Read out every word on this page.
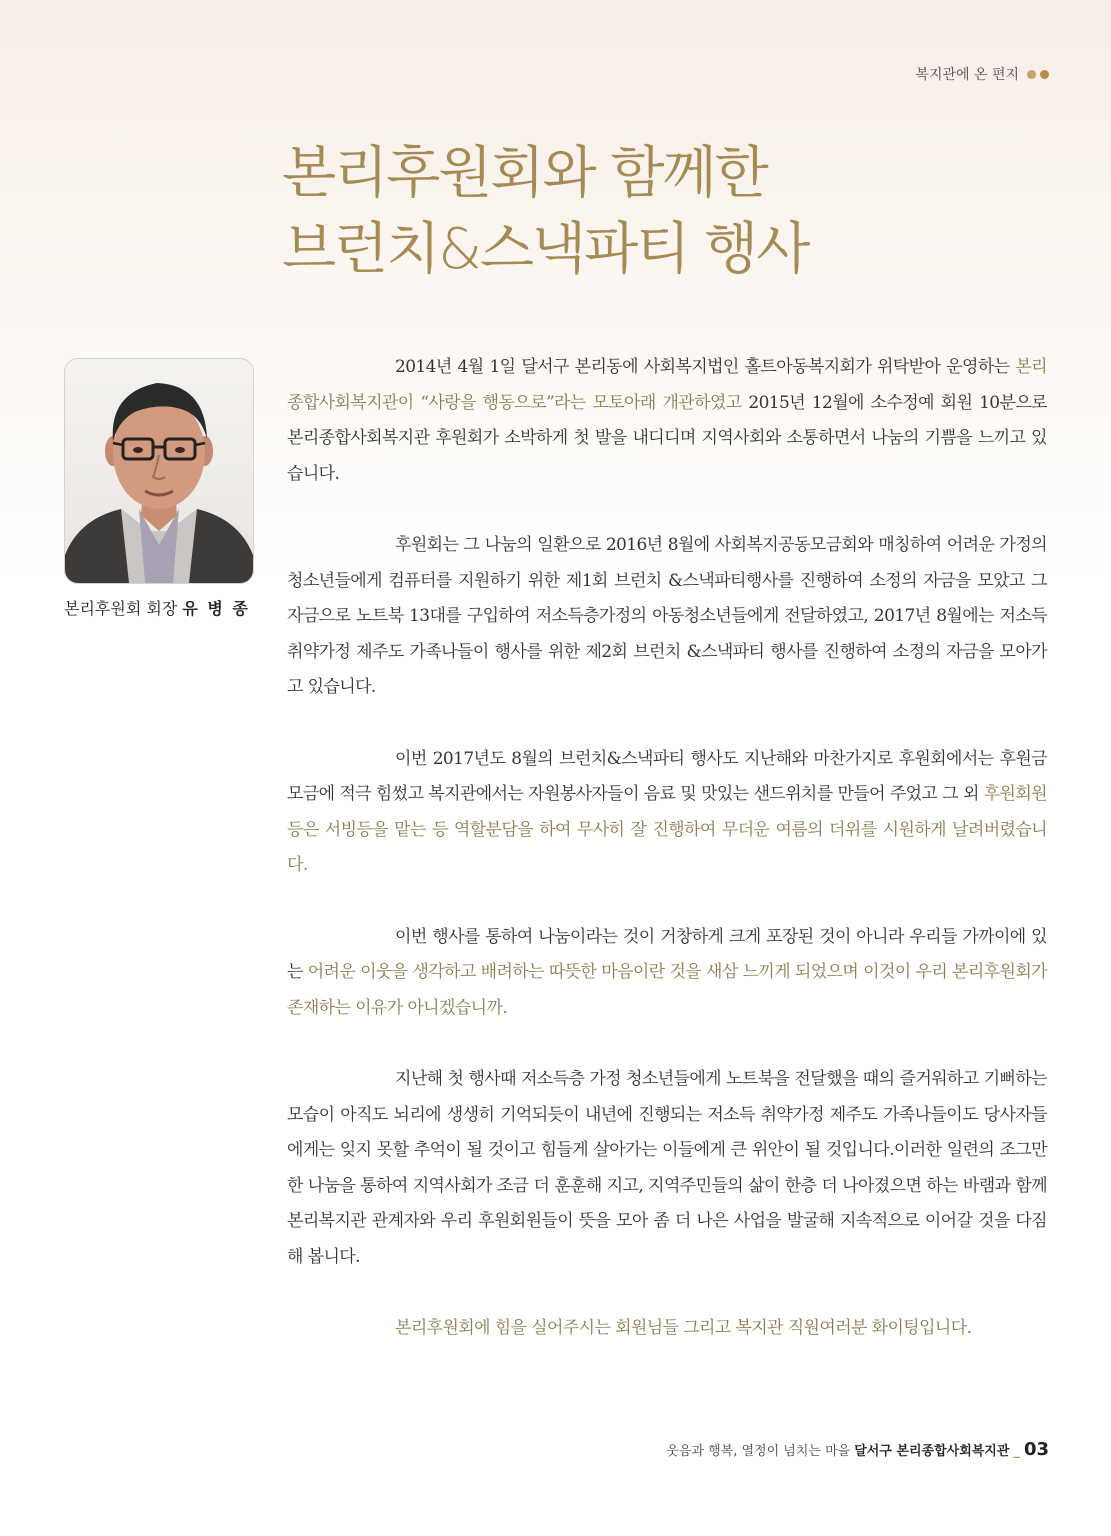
복지관에 온 편지
본리후원회와 함께한
브런치&스낵파티 행사
본리후원회 회장 유 병 종

2014년 4월 1일 달서구 본리동에 사회복지법인 홀트아동복지회가 위탁받아 운영하는 본리종합사회복지관이 “사랑을 행동으로”라는 모토아래 개관하였고 2015년 12월에 소수정예 회원 10분으로 본리종합사회복지관 후원회가 소박하게 첫 발을 내디디며 지역사회와 소통하면서 나눔의 기쁨을 느끼고 있습니다.

후원회는 그 나눔의 일환으로 2016년 8월에 사회복지공동모금회와 매칭하여 어려운 가정의 청소년들에게 컴퓨터를 지원하기 위한 제1회 브런치 &스낵파티행사를 진행하여 소정의 자금을 모았고 그 자금으로 노트북 13대를 구입하여 저소득층가정의 아동청소년들에게 전달하였고, 2017년 8월에는 저소득취약가정 제주도 가족나들이 행사를 위한 제2회 브런치 &스낵파티 행사를 진행하여 소정의 자금을 모아가고 있습니다.

이번 2017년도 8월의 브런치&스낵파티 행사도 지난해와 마찬가지로 후원회에서는 후원금 모금에 적극 힘썼고 복지관에서는 자원봉사자들이 음료 및 맛있는 샌드위치를 만들어 주었고 그 외 후원회원등은 서빙등을 맡는 등 역할분담을 하여 무사히 잘 진행하여 무더운 여름의 더위를 시원하게 날려버렸습니다.

이번 행사를 통하여 나눔이라는 것이 거창하게 크게 포장된 것이 아니라 우리들 가까이에 있는 어려운 이웃을 생각하고 배려하는 따뜻한 마음이란 것을 새삼 느끼게 되었으며 이것이 우리 본리후원회가 존재하는 이유가 아니겠습니까.

지난해 첫 행사때 저소득층 가정 청소년들에게 노트북을 전달했을 때의 즐거워하고 기뻐하는 모습이 아직도 뇌리에 생생히 기억되듯이 내년에 진행되는 저소득 취약가정 제주도 가족나들이도 당사자들에게는 잊지 못할 추억이 될 것이고 힘들게 살아가는 이들에게 큰 위안이 될 것입니다.이러한 일련의 조그만한 나눔을 통하여 지역사회가 조금 더 훈훈해 지고, 지역주민들의 삶이 한층 더 나아졌으면 하는 바램과 함께 본리복지관 관계자와 우리 후원회원들이 뜻을 모아 좀 더 나은 사업을 발굴해 지속적으로 이어갈 것을 다짐해 봅니다.

본리후원회에 힘을 실어주시는 회원님들 그리고 복지관 직원여러분 화이팅입니다.

웃음과 행복, 열정이 넘치는 마을 달서구 본리종합사회복지관 _ 03
